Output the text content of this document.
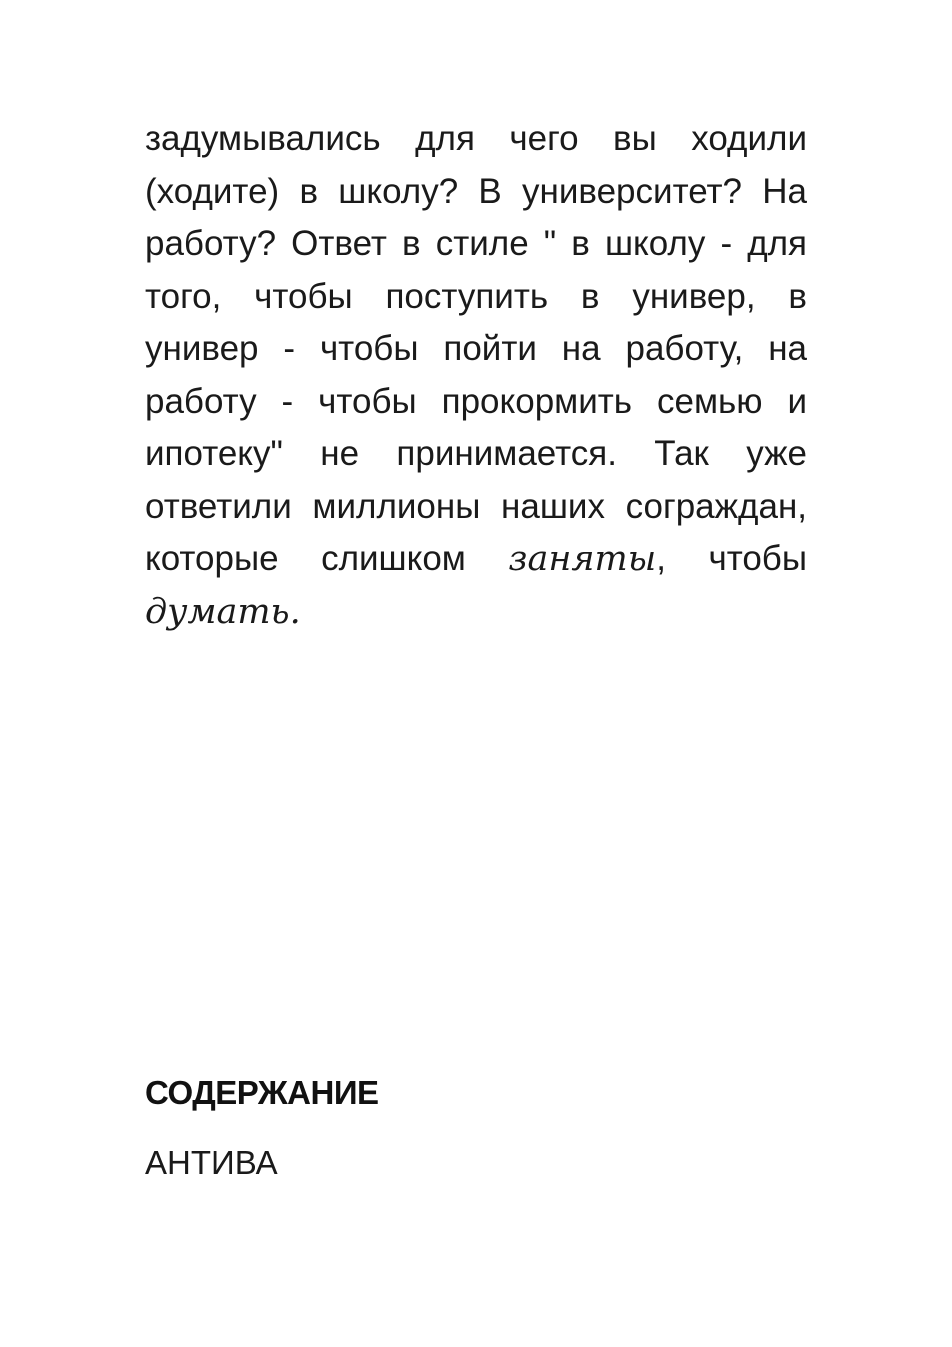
задумывались для чего вы ходили (ходите) в школу? В университет? На работу? Ответ в стиле " в школу - для того, чтобы поступить в универ, в универ - чтобы пойти на работу, на работу - чтобы прокормить семью и ипотеку" не принимается. Так уже ответили миллионы наших сограждан, которые слишком заняты, чтобы думать.

СОДЕРЖАНИЕ
АНТИВА
